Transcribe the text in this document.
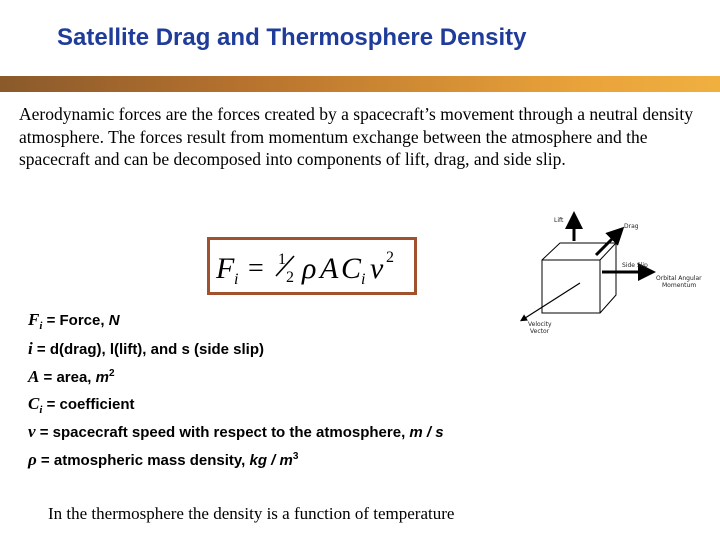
Satellite Drag and Thermosphere Density
Aerodynamic forces are the forces created by a spacecraft’s movement through a neutral density atmosphere. The forces result from momentum exchange between the atmosphere and the spacecraft and can be decomposed into components of lift, drag, and side slip.
F i = 1
2 ρ A C i v 2
$F_i$ = Force, N
i = d(drag), l(lift), and s (side slip)
A = area, $m^2$
$C_i$ = coefficient
v = spacecraft speed with respect to the atmosphere, m / s
ρ = atmospheric mass density, kg / $m^3$
Lift
Drag
Side Slip
Orbital Angular
Momentum
Velocity
Vector
In the thermosphere the density is a function of temperature
